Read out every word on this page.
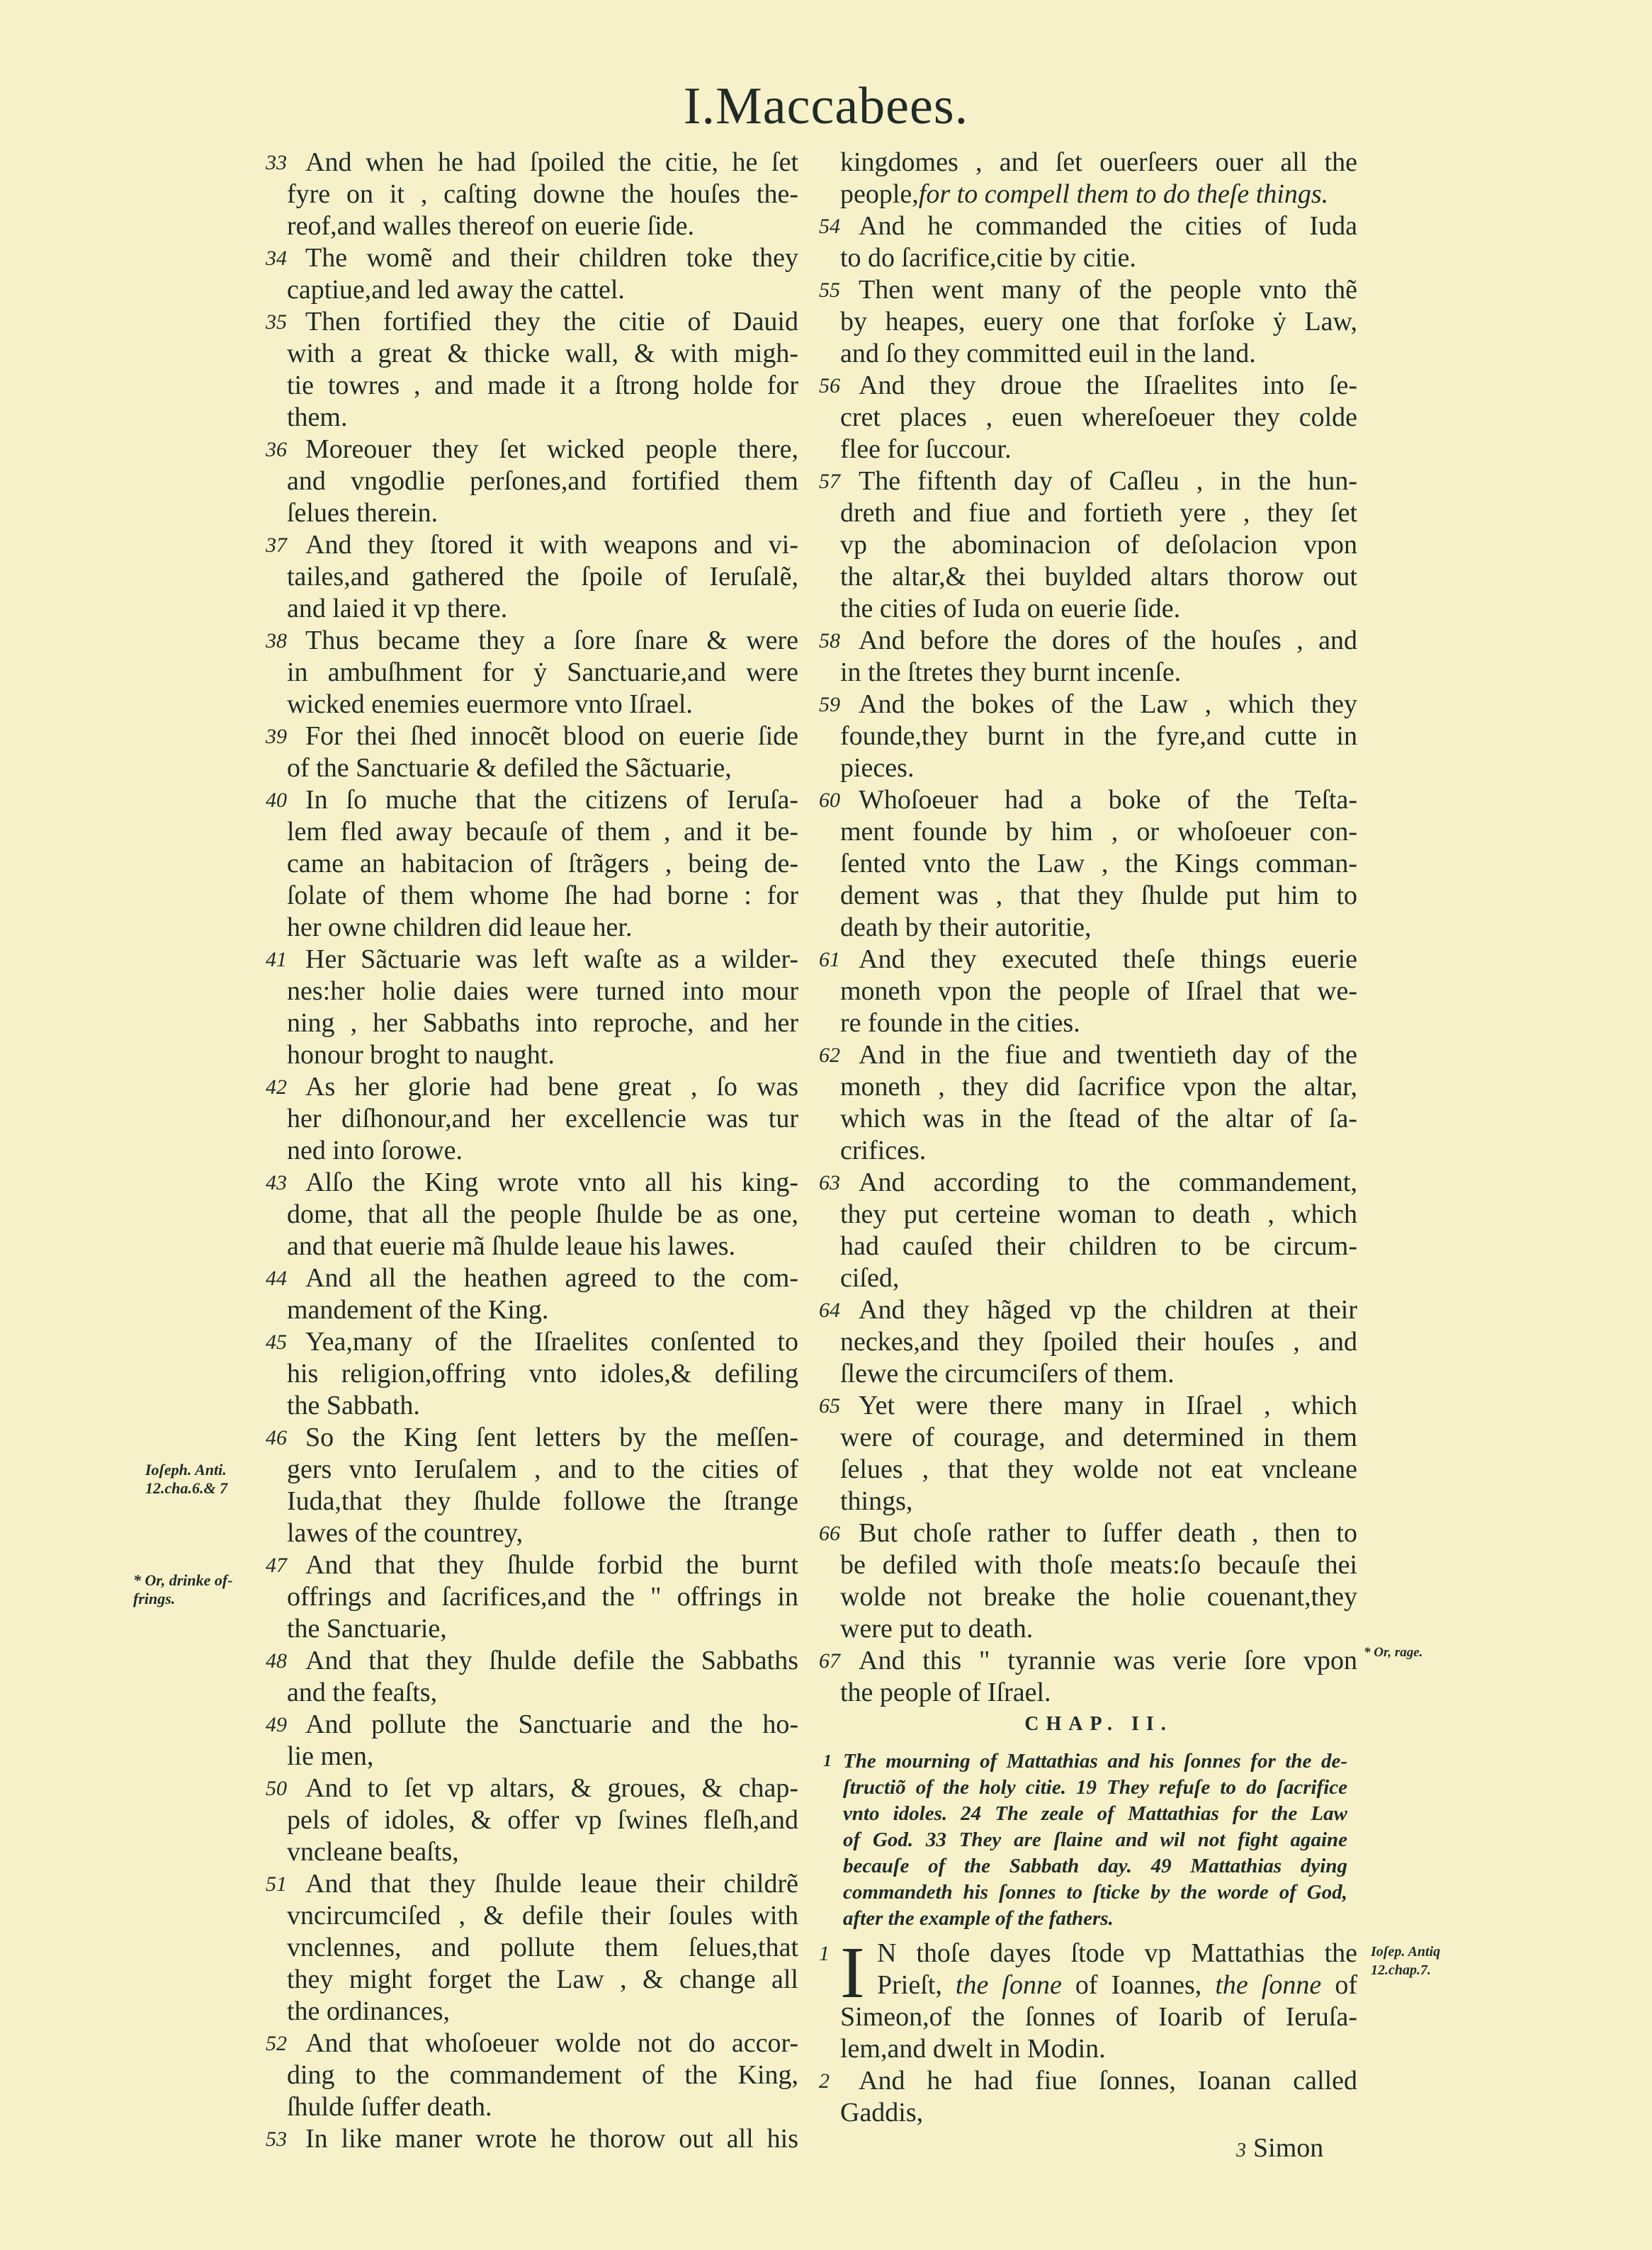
I.Maccabees.
33 And when he had ſpoiled the citie, he ſet
fyre on it , caſting downe the houſes the-
reof,and walles thereof on euerie ſide.
34 The womẽ and their children toke they
captiue,and led away the cattel.
35 Then fortified they the citie of Dauid
with a great & thicke wall, & with migh-
tie towres , and made it a ſtrong holde for
them.
36 Moreouer they ſet wicked people there,
and vngodlie perſones,and fortified them
ſelues therein.
37 And they ſtored it with weapons and vi-
tailes,and gathered the ſpoile of Ieruſalẽ,
and laied it vp there.
38 Thus became they a ſore ſnare & were
in ambuſhment for ẏ Sanctuarie,and were
wicked enemies euermore vnto Iſrael.
39 For thei ſhed innocẽt blood on euerie ſide
of the Sanctuarie & defiled the Sãctuarie,
40 In ſo muche that the citizens of Ieruſa-
lem fled away becauſe of them , and it be-
came an habitacion of ſtrãgers , being de-
ſolate of them whome ſhe had borne : for
her owne children did leaue her.
41 Her Sãctuarie was left waſte as a wilder-
nes:her holie daies were turned into mour
ning , her Sabbaths into reproche, and her
honour broght to naught.
42 As her glorie had bene great , ſo was
her diſhonour,and her excellencie was tur
ned into ſorowe.
43 Alſo the King wrote vnto all his king-
dome, that all the people ſhulde be as one,
and that euerie mã ſhulde leaue his lawes.
44 And all the heathen agreed to the com-
mandement of the King.
45 Yea,many of the Iſraelites conſented to
his religion,offring vnto idoles,& defiling
the Sabbath.
46 So the King ſent letters by the meſſen-
gers vnto Ieruſalem , and to the cities of
Iuda,that they ſhulde followe the ſtrange
lawes of the countrey,
47 And that they ſhulde forbid the burnt
offrings and ſacrifices,and the " offrings in
the Sanctuarie,
48 And that they ſhulde defile the Sabbaths
and the feaſts,
49 And pollute the Sanctuarie and the ho-
lie men,
50 And to ſet vp altars, & groues, & chap-
pels of idoles, & offer vp ſwines fleſh,and
vncleane beaſts,
51 And that they ſhulde leaue their childrẽ
vncircumciſed , & defile their ſoules with
vnclennes, and pollute them ſelues,that
they might forget the Law , & change all
the ordinances,
52 And that whoſoeuer wolde not do accor-
ding to the commandement of the King,
ſhulde ſuffer death.
53 In like maner wrote he thorow out all his
kingdomes , and ſet ouerſeers ouer all the
people,for to compell them to do theſe things.
54 And he commanded the cities of Iuda
to do ſacrifice,citie by citie.
55 Then went many of the people vnto thẽ
by heapes, euery one that forſoke ẏ Law,
and ſo they committed euil in the land.
56 And they droue the Iſraelites into ſe-
cret places , euen whereſoeuer they colde
flee for ſuccour.
57 The fiftenth day of Caſleu , in the hun-
dreth and fiue and fortieth yere , they ſet
vp the abominacion of deſolacion vpon
the altar,& thei buylded altars thorow out
the cities of Iuda on euerie ſide.
58 And before the dores of the houſes , and
in the ſtretes they burnt incenſe.
59 And the bokes of the Law , which they
founde,they burnt in the fyre,and cutte in
pieces.
60 Whoſoeuer had a boke of the Teſta-
ment founde by him , or whoſoeuer con-
ſented vnto the Law , the Kings comman-
dement was , that they ſhulde put him to
death by their autoritie,
61 And they executed theſe things euerie
moneth vpon the people of Iſrael that we-
re founde in the cities.
62 And in the fiue and twentieth day of the
moneth , they did ſacrifice vpon the altar,
which was in the ſtead of the altar of ſa-
crifices.
63 And according to the commandement,
they put certeine woman to death , which
had cauſed their children to be circum-
ciſed,
64 And they hãged vp the children at their
neckes,and they ſpoiled their houſes , and
ſlewe the circumciſers of them.
65 Yet were there many in Iſrael , which
were of courage, and determined in them
ſelues , that they wolde not eat vncleane
things,
66 But choſe rather to ſuffer death , then to
be defiled with thoſe meats:ſo becauſe thei
wolde not breake the holie couenant,they
were put to death.
67 And this " tyrannie was verie ſore vpon
the people of Iſrael.
CHAP. II.
1 The mourning of Mattathias and his ſonnes for the de-
ſtructiõ of the holy citie. 19 They refuſe to do ſacrifice
vnto idoles. 24 The zeale of Mattathias for the Law
of God. 33 They are ſlaine and wil not fight againe
becauſe of the Sabbath day. 49 Mattathias dying
commandeth his ſonnes to ſticke by the worde of God,
after the example of the fathers.
1 I N thoſe dayes ſtode vp Mattathias the
Prieſt, the ſonne of Ioannes, the ſonne of
Simeon,of the ſonnes of Ioarib of Ieruſa-
lem,and dwelt in Modin.
2 And he had fiue ſonnes, Ioanan called
Gaddis,
Ioſeph. Anti.
12.cha.6.& 7
* Or, drinke of-
frings.
* Or, rage.
Ioſep. Antiq
12.chap.7.
3 Simon
